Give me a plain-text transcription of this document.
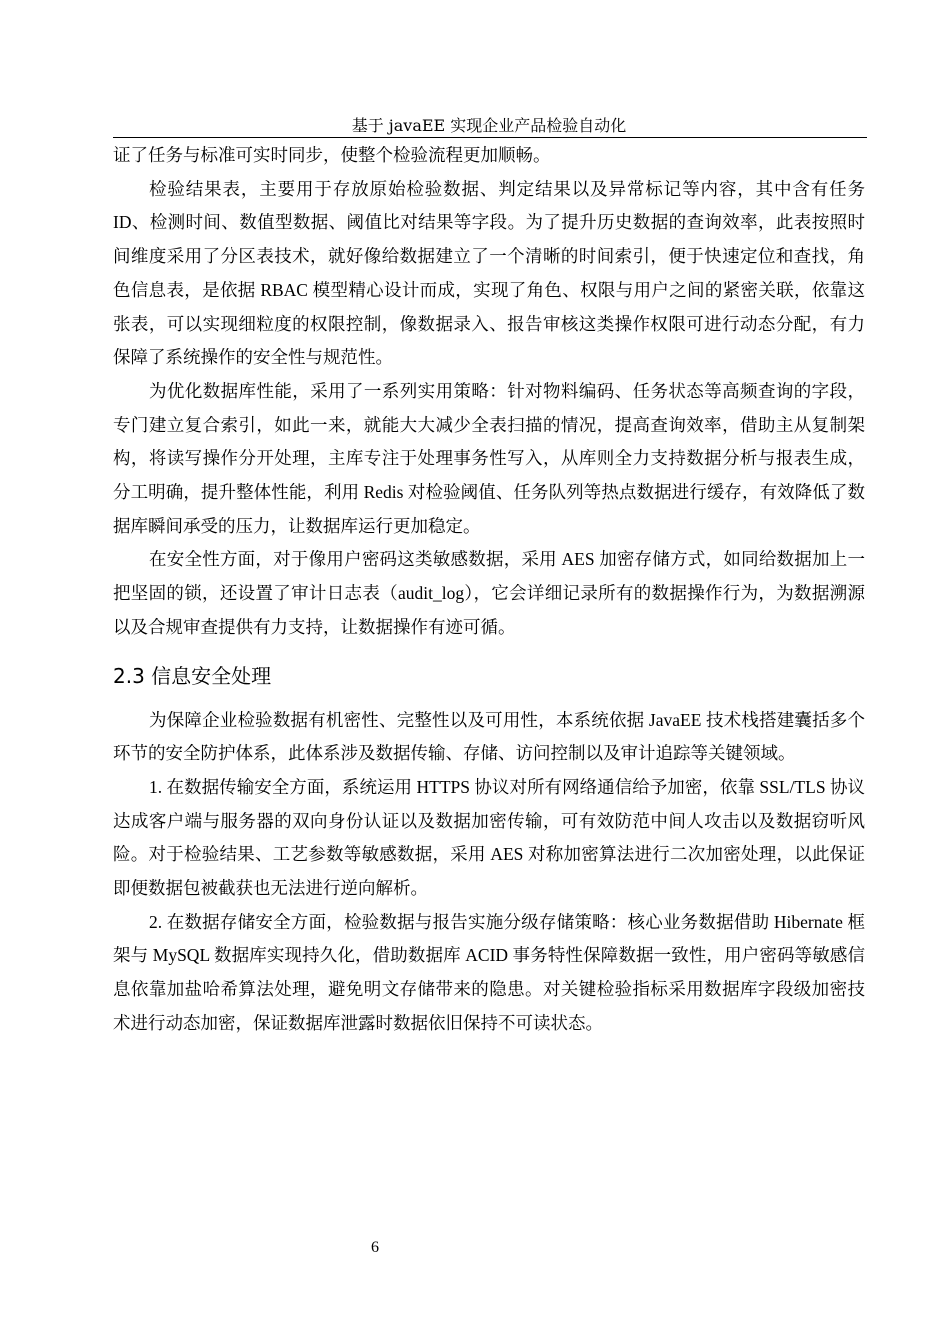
基于 javaEE 实现企业产品检验自动化

证了任务与标准可实时同步，使整个检验流程更加顺畅。

检验结果表，主要用于存放原始检验数据、判定结果以及异常标记等内容，其中含有任务 ID、检测时间、数值型数据、阈值比对结果等字段。为了提升历史数据的查询效率，此表按照时间维度采用了分区表技术，就好像给数据建立了一个清晰的时间索引，便于快速定位和查找，角色信息表，是依据 RBAC 模型精心设计而成，实现了角色、权限与用户之间的紧密关联，依靠这张表，可以实现细粒度的权限控制，像数据录入、报告审核这类操作权限可进行动态分配，有力保障了系统操作的安全性与规范性。

为优化数据库性能，采用了一系列实用策略：针对物料编码、任务状态等高频查询的字段，专门建立复合索引，如此一来，就能大大减少全表扫描的情况，提高查询效率，借助主从复制架构，将读写操作分开处理，主库专注于处理事务性写入，从库则全力支持数据分析与报表生成，分工明确，提升整体性能，利用 Redis 对检验阈值、任务队列等热点数据进行缓存，有效降低了数据库瞬间承受的压力，让数据库运行更加稳定。

在安全性方面，对于像用户密码这类敏感数据，采用 AES 加密存储方式，如同给数据加上一把坚固的锁，还设置了审计日志表（audit_log），它会详细记录所有的数据操作行为，为数据溯源以及合规审查提供有力支持，让数据操作有迹可循。

2.3 信息安全处理

为保障企业检验数据有机密性、完整性以及可用性，本系统依据 JavaEE 技术栈搭建囊括多个环节的安全防护体系，此体系涉及数据传输、存储、访问控制以及审计追踪等关键领域。

1. 在数据传输安全方面，系统运用 HTTPS 协议对所有网络通信给予加密，依靠 SSL/TLS 协议达成客户端与服务器的双向身份认证以及数据加密传输，可有效防范中间人攻击以及数据窃听风险。对于检验结果、工艺参数等敏感数据，采用 AES 对称加密算法进行二次加密处理，以此保证即便数据包被截获也无法进行逆向解析。

2. 在数据存储安全方面，检验数据与报告实施分级存储策略：核心业务数据借助 Hibernate 框架与 MySQL 数据库实现持久化，借助数据库 ACID 事务特性保障数据一致性，用户密码等敏感信息依靠加盐哈希算法处理，避免明文存储带来的隐患。对关键检验指标采用数据库字段级加密技术进行动态加密，保证数据库泄露时数据依旧保持不可读状态。

6
